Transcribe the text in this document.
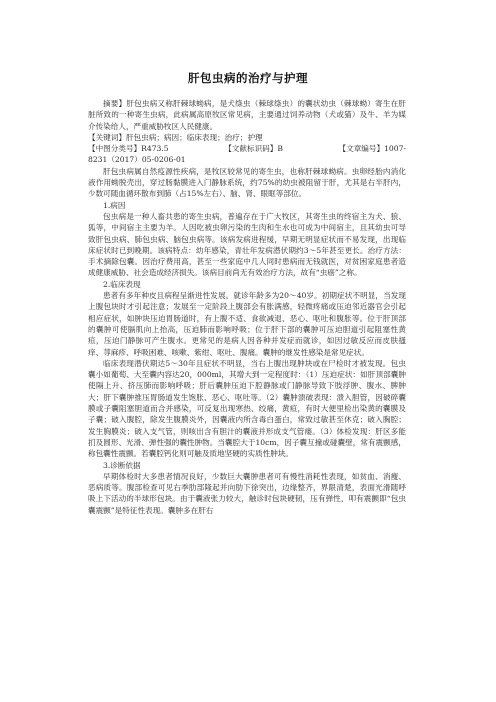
肝包虫病的治疗与护理

摘要】肝包虫病又称肝棘球蚴病，是犬绦虫（棘球绦虫）的囊状幼虫（棘球蚴）寄生在肝脏所致的一种寄生虫病，此病属高原牧区常见病，主要通过饲养动物（犬或猫）及牛、羊为媒介传染给人，严重威胁牧区人民健康。

【关键词】肝包虫病；病因；临床表现；治疗；护理

【中图分类号】R473.5	【文献标识码】B	【文章编号】1007-

8231（2017）05-0206-01

肝包虫病属自然疫源性疾病，是牧区较常见的寄生虫，也称肝棘球蚴病。虫卵经胎内消化液作用蚴脱壳出，穿过肠黏膜进入门静脉系统，约75%的幼虫被阻留于肝，尤其是右半肝内，少数可随血循环散布到肺（占15%左右）、脑、肾、眼眶等部位。

1.病因

包虫病是一种人畜共患的寄生虫病，普遍存在于广大牧区，其寄生虫的终宿主为犬、狼、狐等，中间宿主主要为羊。人因吃被虫卵污染的生肉和生水也可成为中间宿主，且其幼虫可导致肝包虫病、肺包虫病、脑包虫病等。该病发病进程缓，早期无明显症状而不易发现，出现临床症状时已到晚期。该病特点：幼年感染，青壮年发病潜伏期约3～5年甚至更长。治疗方法：手术摘除包囊。因治疗费用高，甚至一些家庭中几人同时患病而无钱就医，对贫困家庭患者造成健康威胁、社会造成经济损失。该病目前尚无有效治疗方法，故有“虫癌”之称。

2.临床表现

患者有多年种皮且病程呈渐进性发展。就诊年龄多为20～40岁。初期症状不明显，当发现上腹包块时才引起注意；发展至一定阶段上腹部会有胀满感，轻微疼痛或压迫邻近器官会引起相应症状，如肿块压迫胃肠道时，有上腹不适、食欲减退、恶心、呕吐和腹胀等。位于肝顶部的囊肿可使膈肌向上抬高，压迫肺而影响呼吸；位于肝下部的囊肿可压迫胆道引起阻塞性黄疸，压迫门静脉可产生腹水。更常见的是病人因各种并发症而就诊，如因过敏反应而皮肤搔痒、荨麻疹、呼吸困难、咳嗽、紫绀、呕吐、腹痛。囊肿的继发性感染是常见症状。

临床表现潜伏期达5～30年且症状不明显，当右上腹出现肿块或在尸检时才被发现。包虫囊小如葡萄、大至囊内容达20，000ml，其增大到一定程度时：（1）压迫症状：如肝顶部囊肿使隔上升、挤压肺而影响呼吸；肝后囊肿压迫下腔静脉或门静脉导致下肢浮肿、腹水、脾肿大；肝下囊肿推压胃肠道发生饱胀、恶心、呕吐等。（2）囊肿溃破表现：溃入胆管，因破碎囊膜或子囊阻塞胆道而合并感染，可反复出现寒热、绞痛，黄疸，有时大便里检出染黄的囊膜及子囊；破入腹腔，除发生腹膜炎外，因囊液内所含毒白蛋白，常致过敏甚至休克；破入胸腔；发生胸膜炎；破入支气管，则咳出含有胆汁的囊液并形成支气管瘘。（3）体检发现：肝区多能扪及圆形、光滑、弹性强的囊性肿物。当囊腔大于10cm，因子囊互撞或碰囊壁，常有震颤感，称包囊性震颤。若囊腔钙化则可触及质地坚硬的实质性肿块。

3.诊断依据

早期体检时大多患者情况良好，少数巨大囊肿患者可有慢性消耗性表现，如贫血、消瘦、恶病质等。腹部检查可见右季肋部隆起并向肋下徐突出，边缘整齐，界限清楚，表面光滑随呼吸上下活动的半球形包块。由于囊液张力较大，触诊时包块硬韧，压有弹性，叩有震颤即“包虫囊震颤”是特征性表现。囊肿多在肝右
